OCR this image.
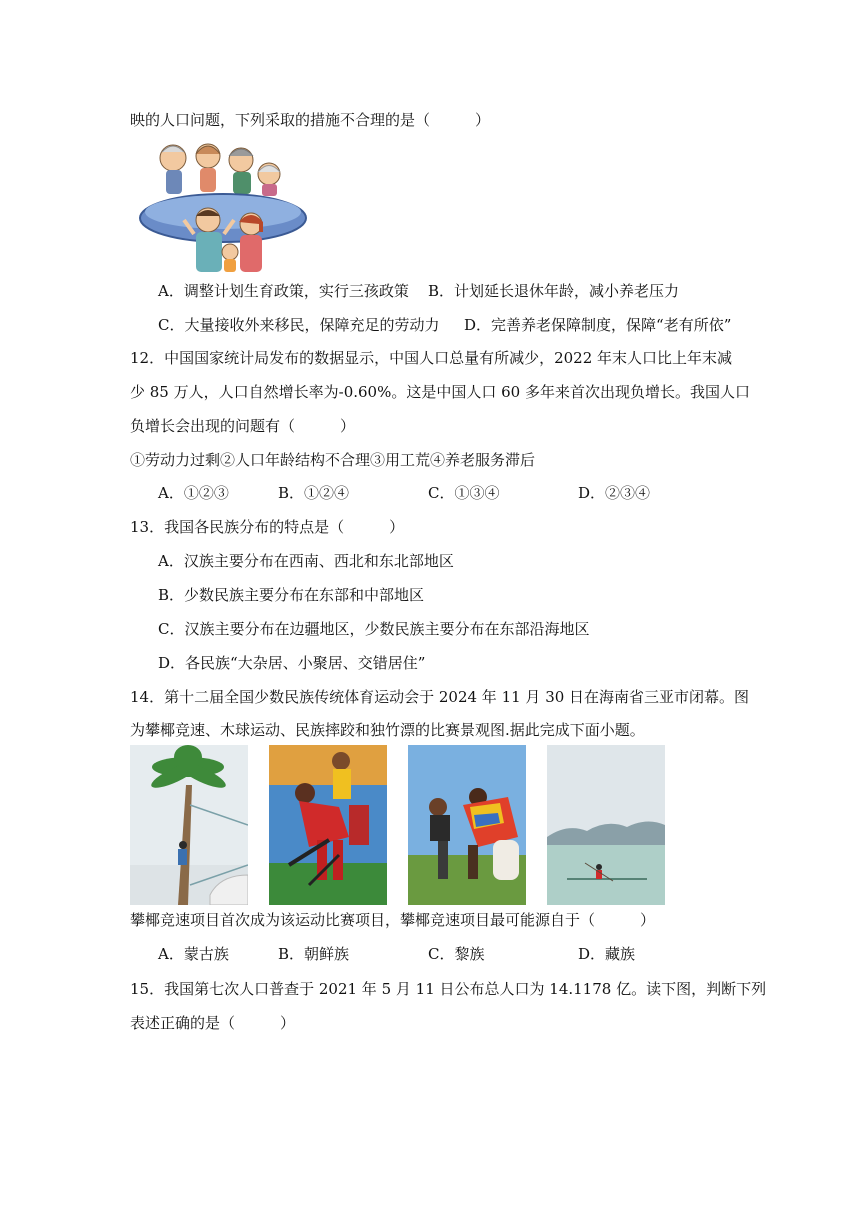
映的人口问题，下列采取的措施不合理的是（　　　）
A．调整计划生育政策，实行三孩政策 B．计划延长退休年龄，减小养老压力
C．大量接收外来移民，保障充足的劳动力 D．完善养老保障制度，保障“老有所依”
12．中国国家统计局发布的数据显示，中国人口总量有所减少，2022 年末人口比上年末减
少 85 万人，人口自然增长率为-0.60%。这是中国人口 60 多年来首次出现负增长。我国人口
负增长会出现的问题有（　　　）
①劳动力过剩②人口年龄结构不合理③用工荒④养老服务滞后
A．①②③	B．①②④	C．①③④	D．②③④
13．我国各民族分布的特点是（　　　）
A．汉族主要分布在西南、西北和东北部地区
B．少数民族主要分布在东部和中部地区
C．汉族主要分布在边疆地区，少数民族主要分布在东部沿海地区
D．各民族“大杂居、小聚居、交错居住”
14．第十二届全国少数民族传统体育运动会于 2024 年 11 月 30 日在海南省三亚市闭幕。图
为攀椰竞速、木球运动、民族摔跤和独竹漂的比赛景观图.据此完成下面小题。
攀椰竞速项目首次成为该运动比赛项目，攀椰竞速项目最可能源自于（　　　）
A．蒙古族	B．朝鲜族	C．黎族	D．藏族
15．我国第七次人口普查于 2021 年 5 月 11 日公布总人口为 14.1178 亿。读下图，判断下列
表述正确的是（　　　）
